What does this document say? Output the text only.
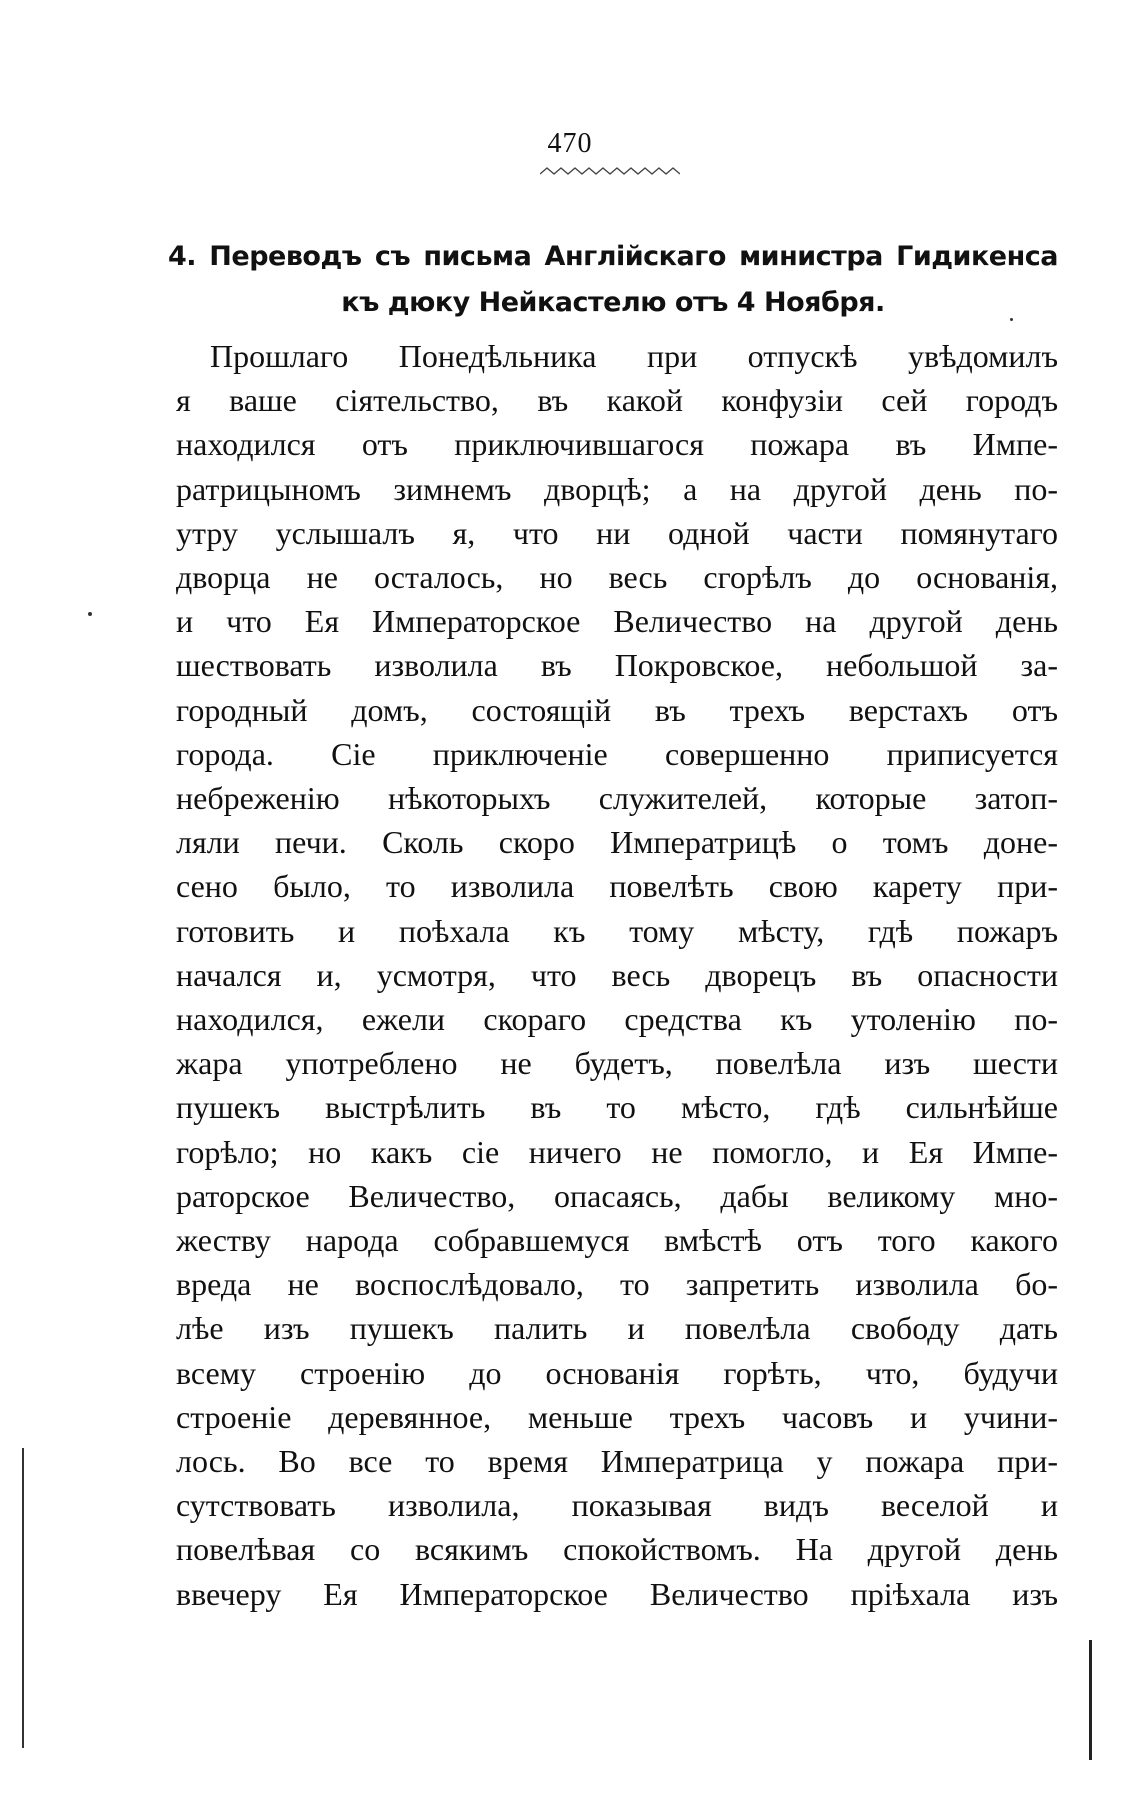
470
4. Переводъ съ письма Англійскаго министра Гидикенса къ дюку Нейкастелю отъ 4 Ноября.
Прошлаго Понедѣльника при отпускѣ увѣдомилъ
я ваше сіятельство, въ какой конфузіи сей городъ
находился отъ приключившагося пожара въ Импе-
ратрицыномъ зимнемъ дворцѣ; а на другой день по-
утру услышалъ я, что ни одной части помянутаго
дворца не осталось, но весь сгорѣлъ до основанія,
и что Ея Императорское Величество на другой день
шествовать изволила въ Покровское, небольшой за-
городный домъ, состоящій въ трехъ верстахъ отъ
города. Сіе приключеніе совершенно приписуется
небреженію нѣкоторыхъ служителей, которые затоп-
ляли печи. Сколь скоро Императрицѣ о томъ доне-
сено было, то изволила повелѣть свою карету при-
готовить и поѣхала къ тому мѣсту, гдѣ пожаръ
начался и, усмотря, что весь дворецъ въ опасности
находился, ежели скораго средства къ утоленію по-
жара употреблено не будетъ, повелѣла изъ шести
пушекъ выстрѣлить въ то мѣсто, гдѣ сильнѣйше
горѣло; но какъ сіе ничего не помогло, и Ея Импе-
раторское Величество, опасаясь, дабы великому мно-
жеству народа собравшемуся вмѣстѣ отъ того какого
вреда не воспослѣдовало, то запретить изволила бо-
лѣе изъ пушекъ палить и повелѣла свободу дать
всему строенію до основанія горѣть, что, будучи
строеніе деревянное, меньше трехъ часовъ и учини-
лось. Во все то время Императрица у пожара при-
сутствовать изволила, показывая видъ веселой и
повелѣвая со всякимъ спокойствомъ. На другой день
ввечеру Ея Императорское Величество пріѣхала изъ
